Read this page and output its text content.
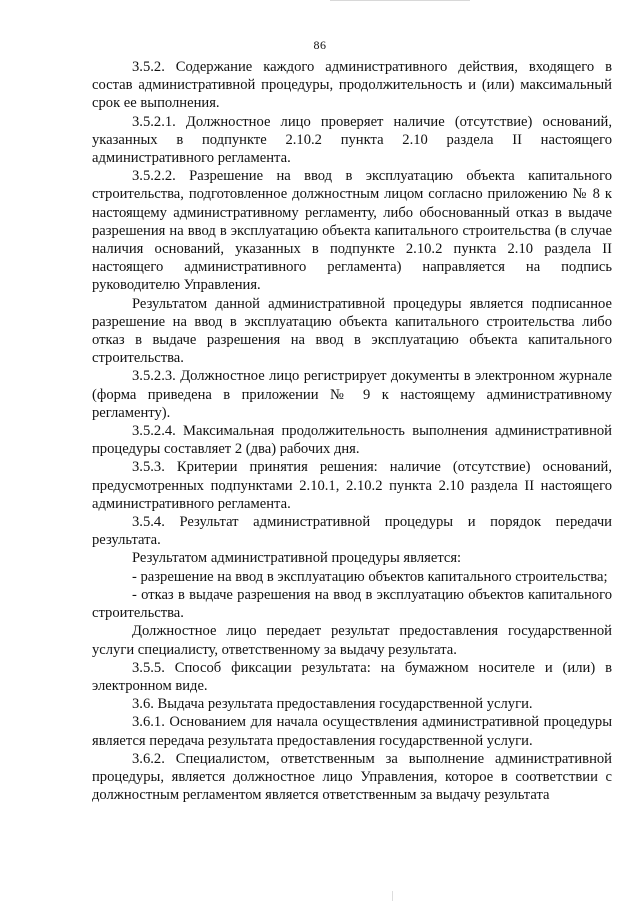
86

3.5.2. Содержание каждого административного действия, входящего в состав административной процедуры, продолжительность и (или) максимальный срок ее выполнения.

3.5.2.1. Должностное лицо проверяет наличие (отсутствие) оснований, указанных в подпункте 2.10.2 пункта 2.10 раздела II настоящего административного регламента.

3.5.2.2. Разрешение на ввод в эксплуатацию объекта капитального строительства, подготовленное должностным лицом согласно приложению № 8 к настоящему административному регламенту, либо обоснованный отказ в выдаче разрешения на ввод в эксплуатацию объекта капитального строительства (в случае наличия оснований, указанных в подпункте 2.10.2 пункта 2.10 раздела II настоящего административного регламента) направляется на подпись руководителю Управления.

Результатом данной административной процедуры является подписанное разрешение на ввод в эксплуатацию объекта капитального строительства либо отказ в выдаче разрешения на ввод в эксплуатацию объекта капитального строительства.

3.5.2.3. Должностное лицо регистрирует документы в электронном журнале (форма приведена в приложении № 9 к настоящему административному регламенту).

3.5.2.4. Максимальная продолжительность выполнения административной процедуры составляет 2 (два) рабочих дня.

3.5.3. Критерии принятия решения: наличие (отсутствие) оснований, предусмотренных подпунктами 2.10.1, 2.10.2 пункта 2.10 раздела II настоящего административного регламента.

3.5.4. Результат административной процедуры и порядок передачи результата.

Результатом административной процедуры является:

- разрешение на ввод в эксплуатацию объектов капитального строительства;

- отказ в выдаче разрешения на ввод в эксплуатацию объектов капитального строительства.

Должностное лицо передает результат предоставления государственной услуги специалисту, ответственному за выдачу результата.

3.5.5. Способ фиксации результата: на бумажном носителе и (или) в электронном виде.

3.6. Выдача результата предоставления государственной услуги.

3.6.1. Основанием для начала осуществления административной процедуры является передача результата предоставления государственной услуги.

3.6.2. Специалистом, ответственным за выполнение административной процедуры, является должностное лицо Управления, которое в соответствии с должностным регламентом является ответственным за выдачу результата
